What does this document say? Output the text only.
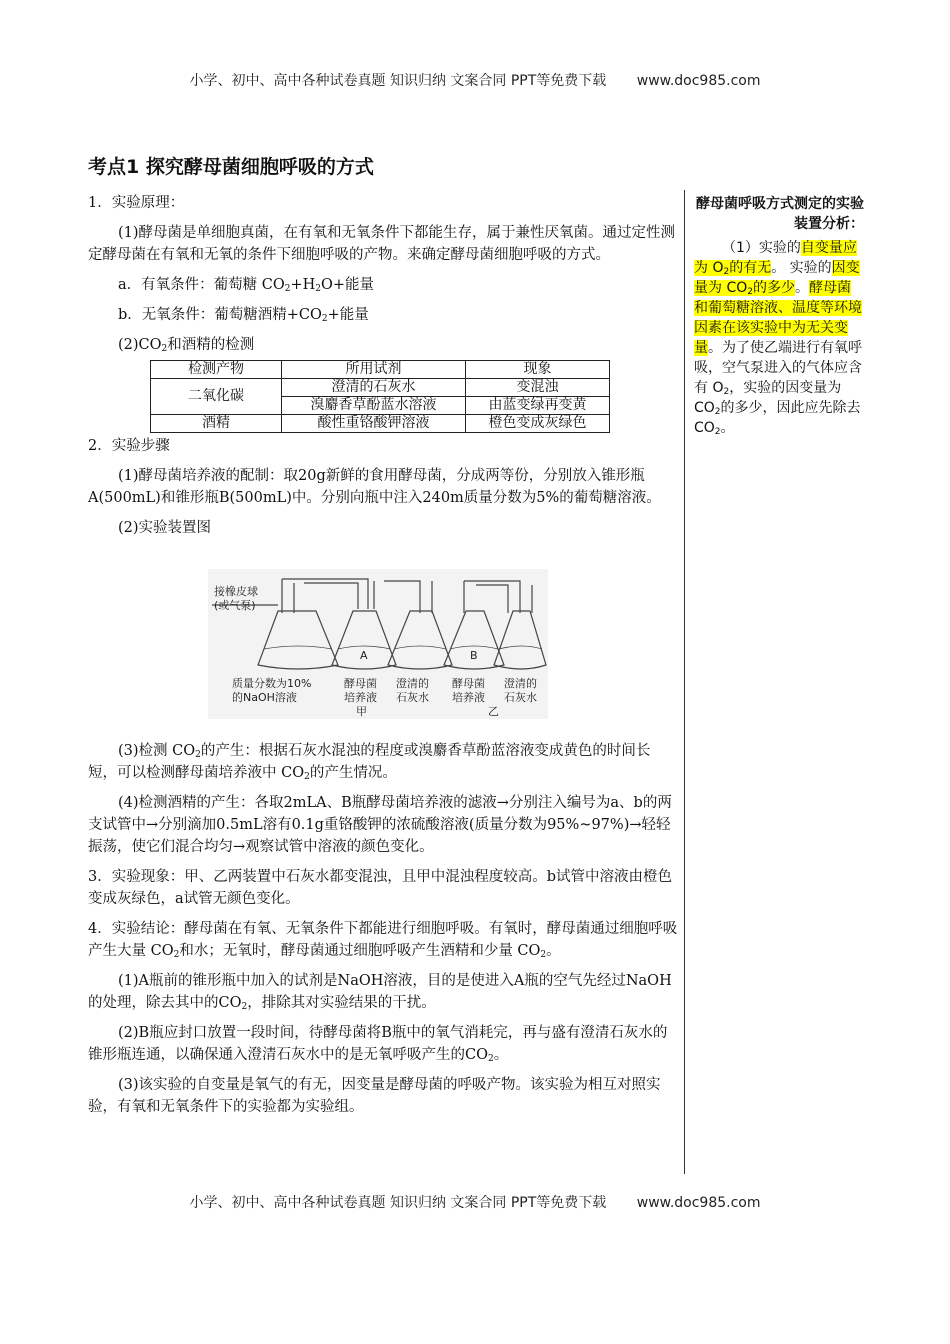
小学、初中、高中各种试卷真题 知识归纳 文案合同 PPT等免费下载 www.doc985.com
考点1 探究酵母菌细胞呼吸的方式

1．实验原理：

(1)酵母菌是单细胞真菌，在有氧和无氧条件下都能生存，属于兼性厌氧菌。通过定性测定酵母菌在有氧和无氧的条件下细胞呼吸的产物。来确定酵母菌细胞呼吸的方式。

a．有氧条件：葡萄糖 $CO_2+H_2O+$能量

b．无氧条件：葡萄糖酒精$+CO_2+$能量

$(2)CO_2$和酒精的检测

检测产物	所用试剂	现象
二氧化碳	澄清的石灰水	变混浊
	溴麝香草酚蓝水溶液	由蓝变绿再变黄
酒精	酸性重铬酸钾溶液	橙色变成灰绿色

2．实验步骤

(1)酵母菌培养液的配制：取20g新鲜的食用酵母菌，分成两等份，分别放入锥形瓶A(500mL)和锥形瓶B(500mL)中。分别向瓶中注入240m质量分数为5%的葡萄糖溶液。

(2)实验装置图

接橡皮球
(或气泵)
A	B
质量分数为10%
的NaOH溶液
酵母菌
培养液
澄清的
石灰水
酵母菌
培养液
澄清的
石灰水
甲	乙

(3)检测 $CO_2$的产生：根据石灰水混浊的程度或溴麝香草酚蓝溶液变成黄色的时间长短，可以检测酵母菌培养液中 $CO_2$的产生情况。

(4)检测酒精的产生：各取2mLA、B瓶酵母菌培养液的滤液→分别注入编号为a、b的两支试管中→分别滴加0.5mL溶有0.1g重铬酸钾的浓硫酸溶液(质量分数为95%~97%)→轻轻振荡，使它们混合均匀→观察试管中溶液的颜色变化。

3．实验现象：甲、乙两装置中石灰水都变混浊，且甲中混浊程度较高。b试管中溶液由橙色变成灰绿色，a试管无颜色变化。

4．实验结论：酵母菌在有氧、无氧条件下都能进行细胞呼吸。有氧时，酵母菌通过细胞呼吸产生大量 $CO_2$和水；无氧时，酵母菌通过细胞呼吸产生酒精和少量 $CO_2$。

(1)A瓶前的锥形瓶中加入的试剂是NaOH溶液，目的是使进入A瓶的空气先经过NaOH的处理，除去其中的$CO_2$，排除其对实验结果的干扰。

(2)B瓶应封口放置一段时间，待酵母菌将B瓶中的氧气消耗完，再与盛有澄清石灰水的锥形瓶连通，以确保通入澄清石灰水中的是无氧呼吸产生的$CO_2$。

(3)该实验的自变量是氧气的有无，因变量是酵母菌的呼吸产物。该实验为相互对照实验，有氧和无氧条件下的实验都为实验组。

酵母菌呼吸方式测定的实验装置分析：
（1）实验的自变量应为 $O_2$的有无。 实验的因变量为 $CO_2$的多少。酵母菌和葡萄糖溶液、温度等环境因素在该实验中为无关变量。为了使乙端进行有氧呼吸，空气泵进入的气体应含有 $O_2$，实验的因变量为 $CO_2$的多少，因此应先除去 $CO_2$。
小学、初中、高中各种试卷真题 知识归纳 文案合同 PPT等免费下载 www.doc985.com
